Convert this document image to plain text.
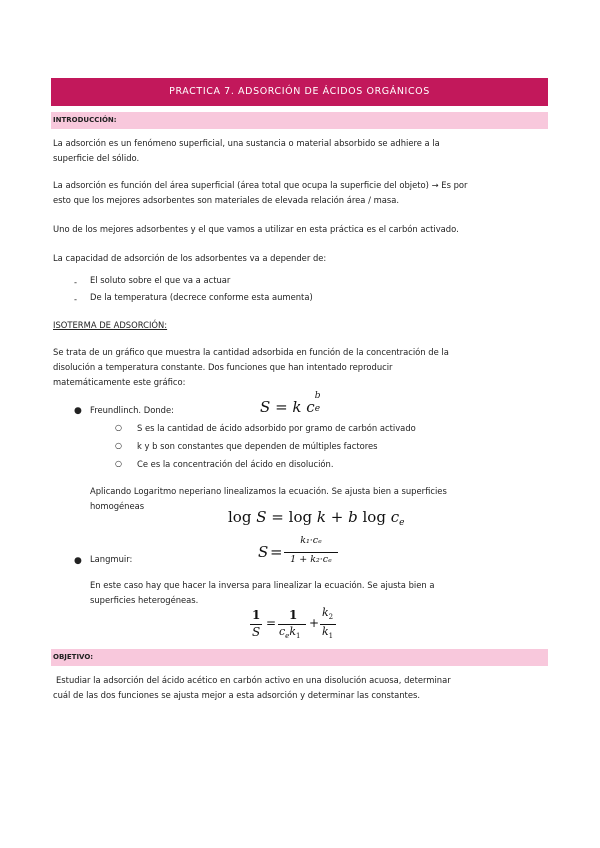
PRACTICA 7. ADSORCIÓN DE ÁCIDOS ORGÁNICOS
INTRODUCCIÓN:
La adsorción es un fenómeno superficial, una sustancia o material absorbido se adhiere a la
superficie del sólido.
La adsorción es función del área superficial (área total que ocupa la superficie del objeto) → Es por
esto que los mejores adsorbentes son materiales de elevada relación área / masa.
Uno de los mejores adsorbentes y el que vamos a utilizar en esta práctica es el carbón activado.
La capacidad de adsorción de los adsorbentes va a depender de:
- El soluto sobre el que va a actuar
- De la temperatura (decrece conforme esta aumenta)
ISOTERMA DE ADSORCIÓN:
Se trata de un gráfico que muestra la cantidad adsorbida en función de la concentración de la
disolución a temperatura constante. Dos funciones que han intentado reproducir
matemáticamente este gráfico:
● Freundlinch. Donde:	S = k c
b
e
○ S es la cantidad de ácido adsorbido por gramo de carbón activado
○ k y b son constantes que dependen de múltiples factores
○ Ce es la concentración del ácido en disolución.
Aplicando Logaritmo neperiano linealizamos la ecuación. Se ajusta bien a superficies
homogéneas
log S = log k + b $\log c_e$
● Langmuir:	S =
k₁·cₑ
1 + k₂·cₑ
En este caso hay que hacer la inversa para linealizar la ecuación. Se ajusta bien a
superficies heterogéneas.
1
S
=
1
$c_ek_1$
+
$k_2$
$k_1$
OBJETIVO:
Estudiar la adsorción del ácido acético en carbón activo en una disolución acuosa, determinar
cuál de las dos funciones se ajusta mejor a esta adsorción y determinar las constantes.
